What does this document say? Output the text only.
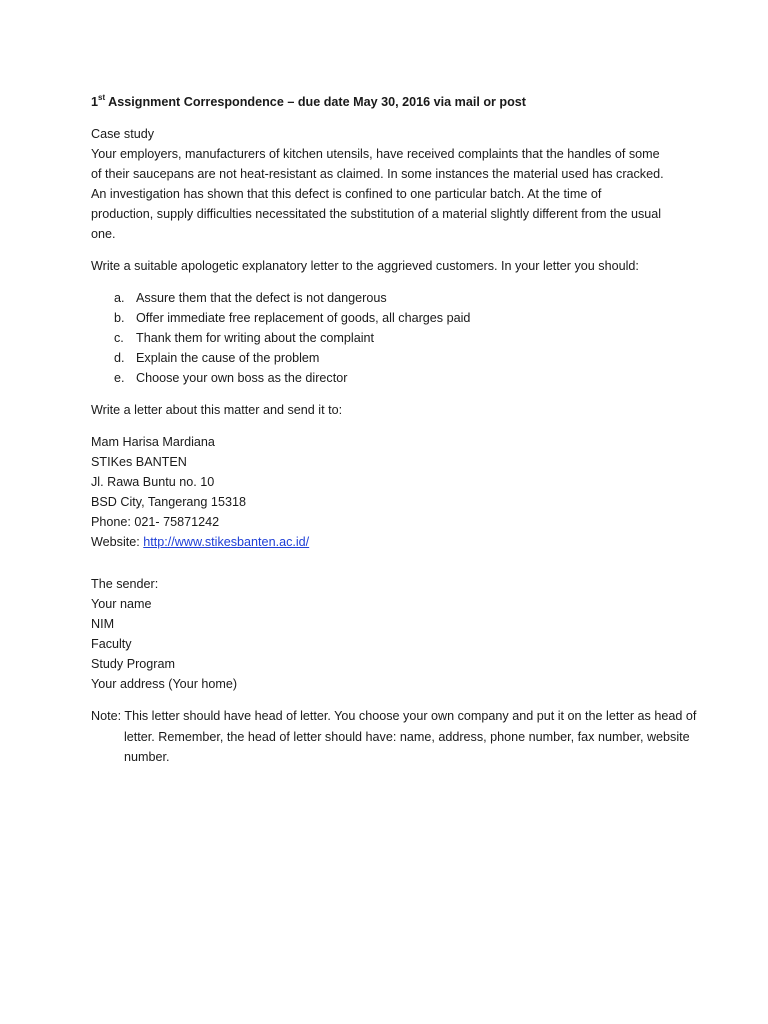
1st Assignment Correspondence – due date May 30, 2016 via mail or post

Case study

Your employers, manufacturers of kitchen utensils, have received complaints that the handles of some

of their saucepans are not heat-resistant as claimed. In some instances the material used has cracked.

An investigation has shown that this defect is confined to one particular batch. At the time of

production, supply difficulties necessitated the substitution of a material slightly different from the usual

one.

Write a suitable apologetic explanatory letter to the aggrieved customers. In your letter you should:

a. Assure them that the defect is not dangerous
b. Offer immediate free replacement of goods, all charges paid
c. Thank them for writing about the complaint
d. Explain the cause of the problem
e. Choose your own boss as the director

Write a letter about this matter and send it to:

Mam Harisa Mardiana

STIKes BANTEN

Jl. Rawa Buntu no. 10

BSD City, Tangerang 15318

Phone: 021- 75871242

Website: http://www.stikesbanten.ac.id/

The sender:

Your name

NIM

Faculty

Study Program

Your address (Your home)

Note: This letter should have head of letter. You choose your own company and put it on the letter as head of letter. Remember, the head of letter should have: name, address, phone number, fax number, website number.
